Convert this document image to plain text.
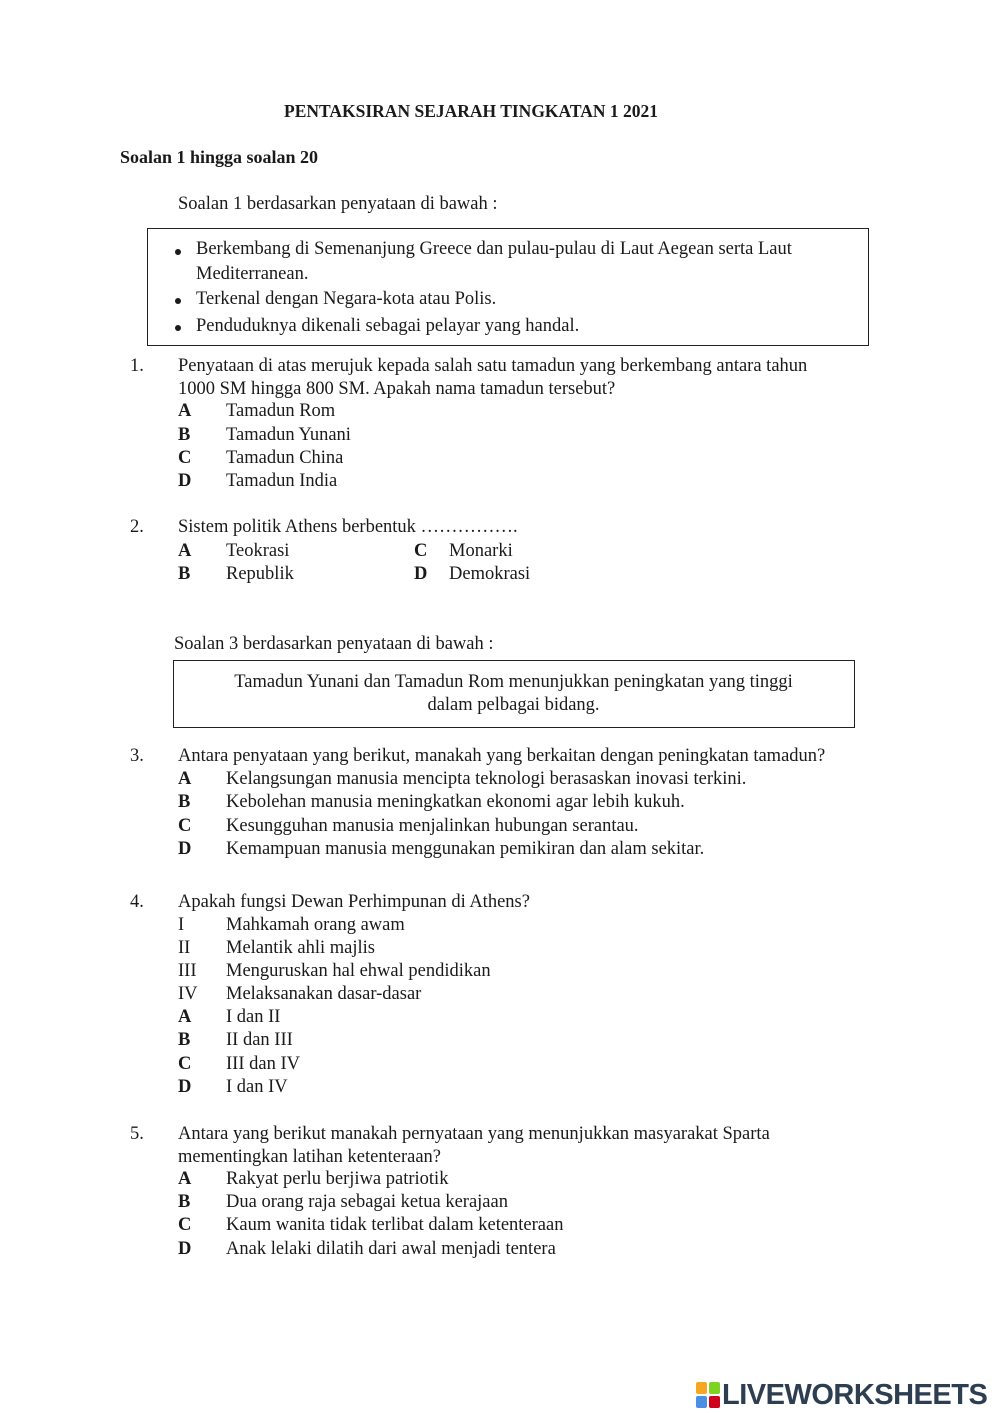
PENTAKSIRAN SEJARAH TINGKATAN 1 2021
Soalan 1 hingga soalan 20
Soalan 1 berdasarkan penyataan di bawah :
Berkembang di Semenanjung Greece dan pulau-pulau di Laut Aegean serta Laut
Mediterranean.
Terkenal dengan Negara-kota atau Polis.
Penduduknya dikenali sebagai pelayar yang handal.
1. Penyataan di atas merujuk kepada salah satu tamadun yang berkembang antara tahun
1000 SM hingga 800 SM. Apakah nama tamadun tersebut?
A Tamadun Rom
B Tamadun Yunani
C Tamadun China
D Tamadun India
2. Sistem politik Athens berbentuk …………….
A Teokrasi	C Monarki
B Republik	D Demokrasi
Soalan 3 berdasarkan penyataan di bawah :
Tamadun Yunani dan Tamadun Rom menunjukkan peningkatan yang tinggi
dalam pelbagai bidang.
3. Antara penyataan yang berikut, manakah yang berkaitan dengan peningkatan tamadun?
A Kelangsungan manusia mencipta teknologi berasaskan inovasi terkini.
B Kebolehan manusia meningkatkan ekonomi agar lebih kukuh.
C Kesungguhan manusia menjalinkan hubungan serantau.
D Kemampuan manusia menggunakan pemikiran dan alam sekitar.
4. Apakah fungsi Dewan Perhimpunan di Athens?
I Mahkamah orang awam
II Melantik ahli majlis
III Menguruskan hal ehwal pendidikan
IV Melaksanakan dasar-dasar
A I dan II
B II dan III
C III dan IV
D I dan IV
5. Antara yang berikut manakah pernyataan yang menunjukkan masyarakat Sparta
mementingkan latihan ketenteraan?
A Rakyat perlu berjiwa patriotik
B Dua orang raja sebagai ketua kerajaan
C Kaum wanita tidak terlibat dalam ketenteraan
D Anak lelaki dilatih dari awal menjadi tentera
LIVEWORKSHEETS
